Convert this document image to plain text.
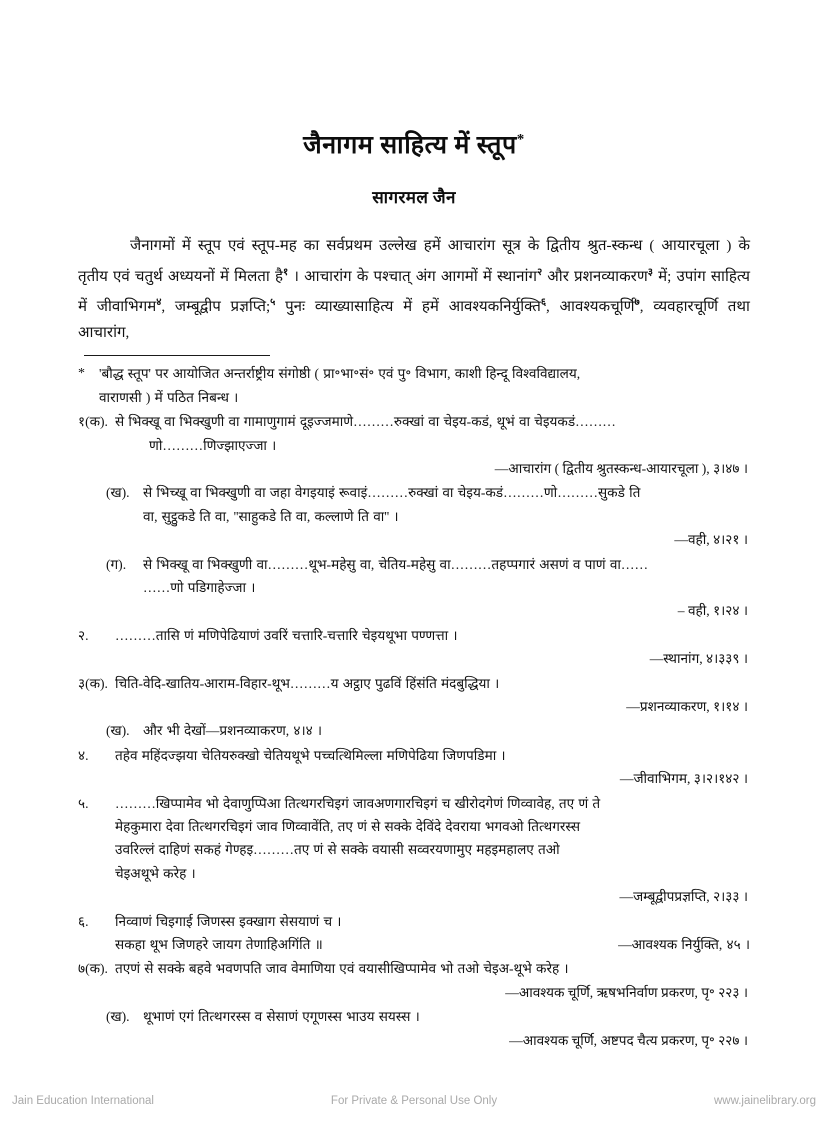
जैनागम साहित्य में स्तूप*

सागरमल जैन

जैनागमों में स्तूप एवं स्तूप-मह का सर्वप्रथम उल्लेख हमें आचारांग सूत्र के द्वितीय श्रुत-स्कन्ध ( आयारचूला ) के तृतीय एवं चतुर्थ अध्ययनों में मिलता है$^१$ । आचारांग के पश्चात् अंग आगमों में स्थानांग$^२$ और प्रशनव्याकरण$^३$ में; उपांग साहित्य में जीवाभिगम$^४$, जम्बूद्वीप प्रज्ञप्ति;$^५$ पुनः व्याख्यासाहित्य में हमें आवश्यकनिर्युक्ति$^६$, आवश्यकचूर्णि$^७$, व्यवहारचूर्णि तथा आचारांग,

*	'बौद्ध स्तूप' पर आयोजित अन्तर्राष्ट्रीय संगोष्ठी ( प्रा॰भा॰सं॰ एवं पु॰ विभाग, काशी हिन्दू विश्वविद्यालय,
वाराणसी ) में पठित निबन्ध ।
१(क). से भिक्खू वा भिक्खुणी वा गामाणुगामं दूइज्जमाणे………रुक्खां वा चेइय-कडं, थूभं वा चेइयकडं………
णो………णिज्झाएज्जा ।
—आचारांग ( द्वितीय श्रुतस्कन्ध-आयारचूला ), ३।४७ ।
(ख). से भिच्खू वा भिक्खुणी वा जहा वेगइयाइं रूवाइं………रुक्खां वा चेइय-कडं………णो………सुकडे ति
वा, सुट्ठुकडे ति वा, ''साहुकडे ति वा, कल्लाणे ति वा'' ।
—वही, ४।२१ ।
(ग).	से भिक्खू वा भिक्खुणी वा………थूभ-महेसु वा, चेतिय-महेसु वा………तहप्पगारं असणं व पाणं वा……
……णो पडिगाहेज्जा ।
– वही, १।२४ ।
२.	………तासि णं मणिपेढियाणं उवरिं चत्तारि-चत्तारि चेइयथूभा पण्णत्ता ।
—स्थानांग, ४।३३९ ।
३(क). चिति-वेदि-खातिय-आराम-विहार-थूभ………य अट्ठाए पुढविं हिंसंति मंदबुद्धिया ।
—प्रशनव्याकरण, १।१४ ।
(ख). और भी देखों—प्रशनव्याकरण, ४।४ ।
४.	तहेव महिंदज्झया चेतियरुक्खो चेतियथूभे पच्चत्थिमिल्ला मणिपेढिया जिणपडिमा ।
—जीवाभिगम, ३।२।१४२ ।
५.	………खिप्पामेव भो देवाणुप्पिआ तित्थगरचिइगं जावअणगारचिइगं च खीरोदगेणं णिव्वावेह, तए णं ते
मेहकुमारा देवा तित्थगरचिइगं जाव णिव्वावेंति, तए णं से सक्के देविंदे देवराया भगवओ तित्थगरस्स
उवरिल्लं दाहिणं सकहं गेण्हइ………तए णं से सक्के वयासी सव्वरयणामुए महइमहालए तओ
चेइअथूभे करेह ।
—जम्बूद्वीपप्रज्ञप्ति, २।३३ ।
६.	निव्वाणं चिइगाई जिणस्स इक्खाग सेसयाणं च ।
सकहा थूभ जिणहरे जायग तेणाहिअगिंति ॥	—आवश्यक निर्युक्ति, ४५ ।
७(क). तएणं से सक्के बहवे भवणपति जाव वेमाणिया एवं वयासीखिप्पामेव भो तओ चेइअ-थूभे करेह ।
—आवश्यक चूर्णि, ऋषभनिर्वाण प्रकरण, पृ॰ २२३ ।
(ख). थूभाणं एगं तित्थगरस्स व सेसाणं एगूणस्स भाउय सयस्स ।
—आवश्यक चूर्णि, अष्टपद चैत्य प्रकरण, पृ॰ २२७ ।
Jain Education International	For Private & Personal Use Only	www.jainelibrary.org
